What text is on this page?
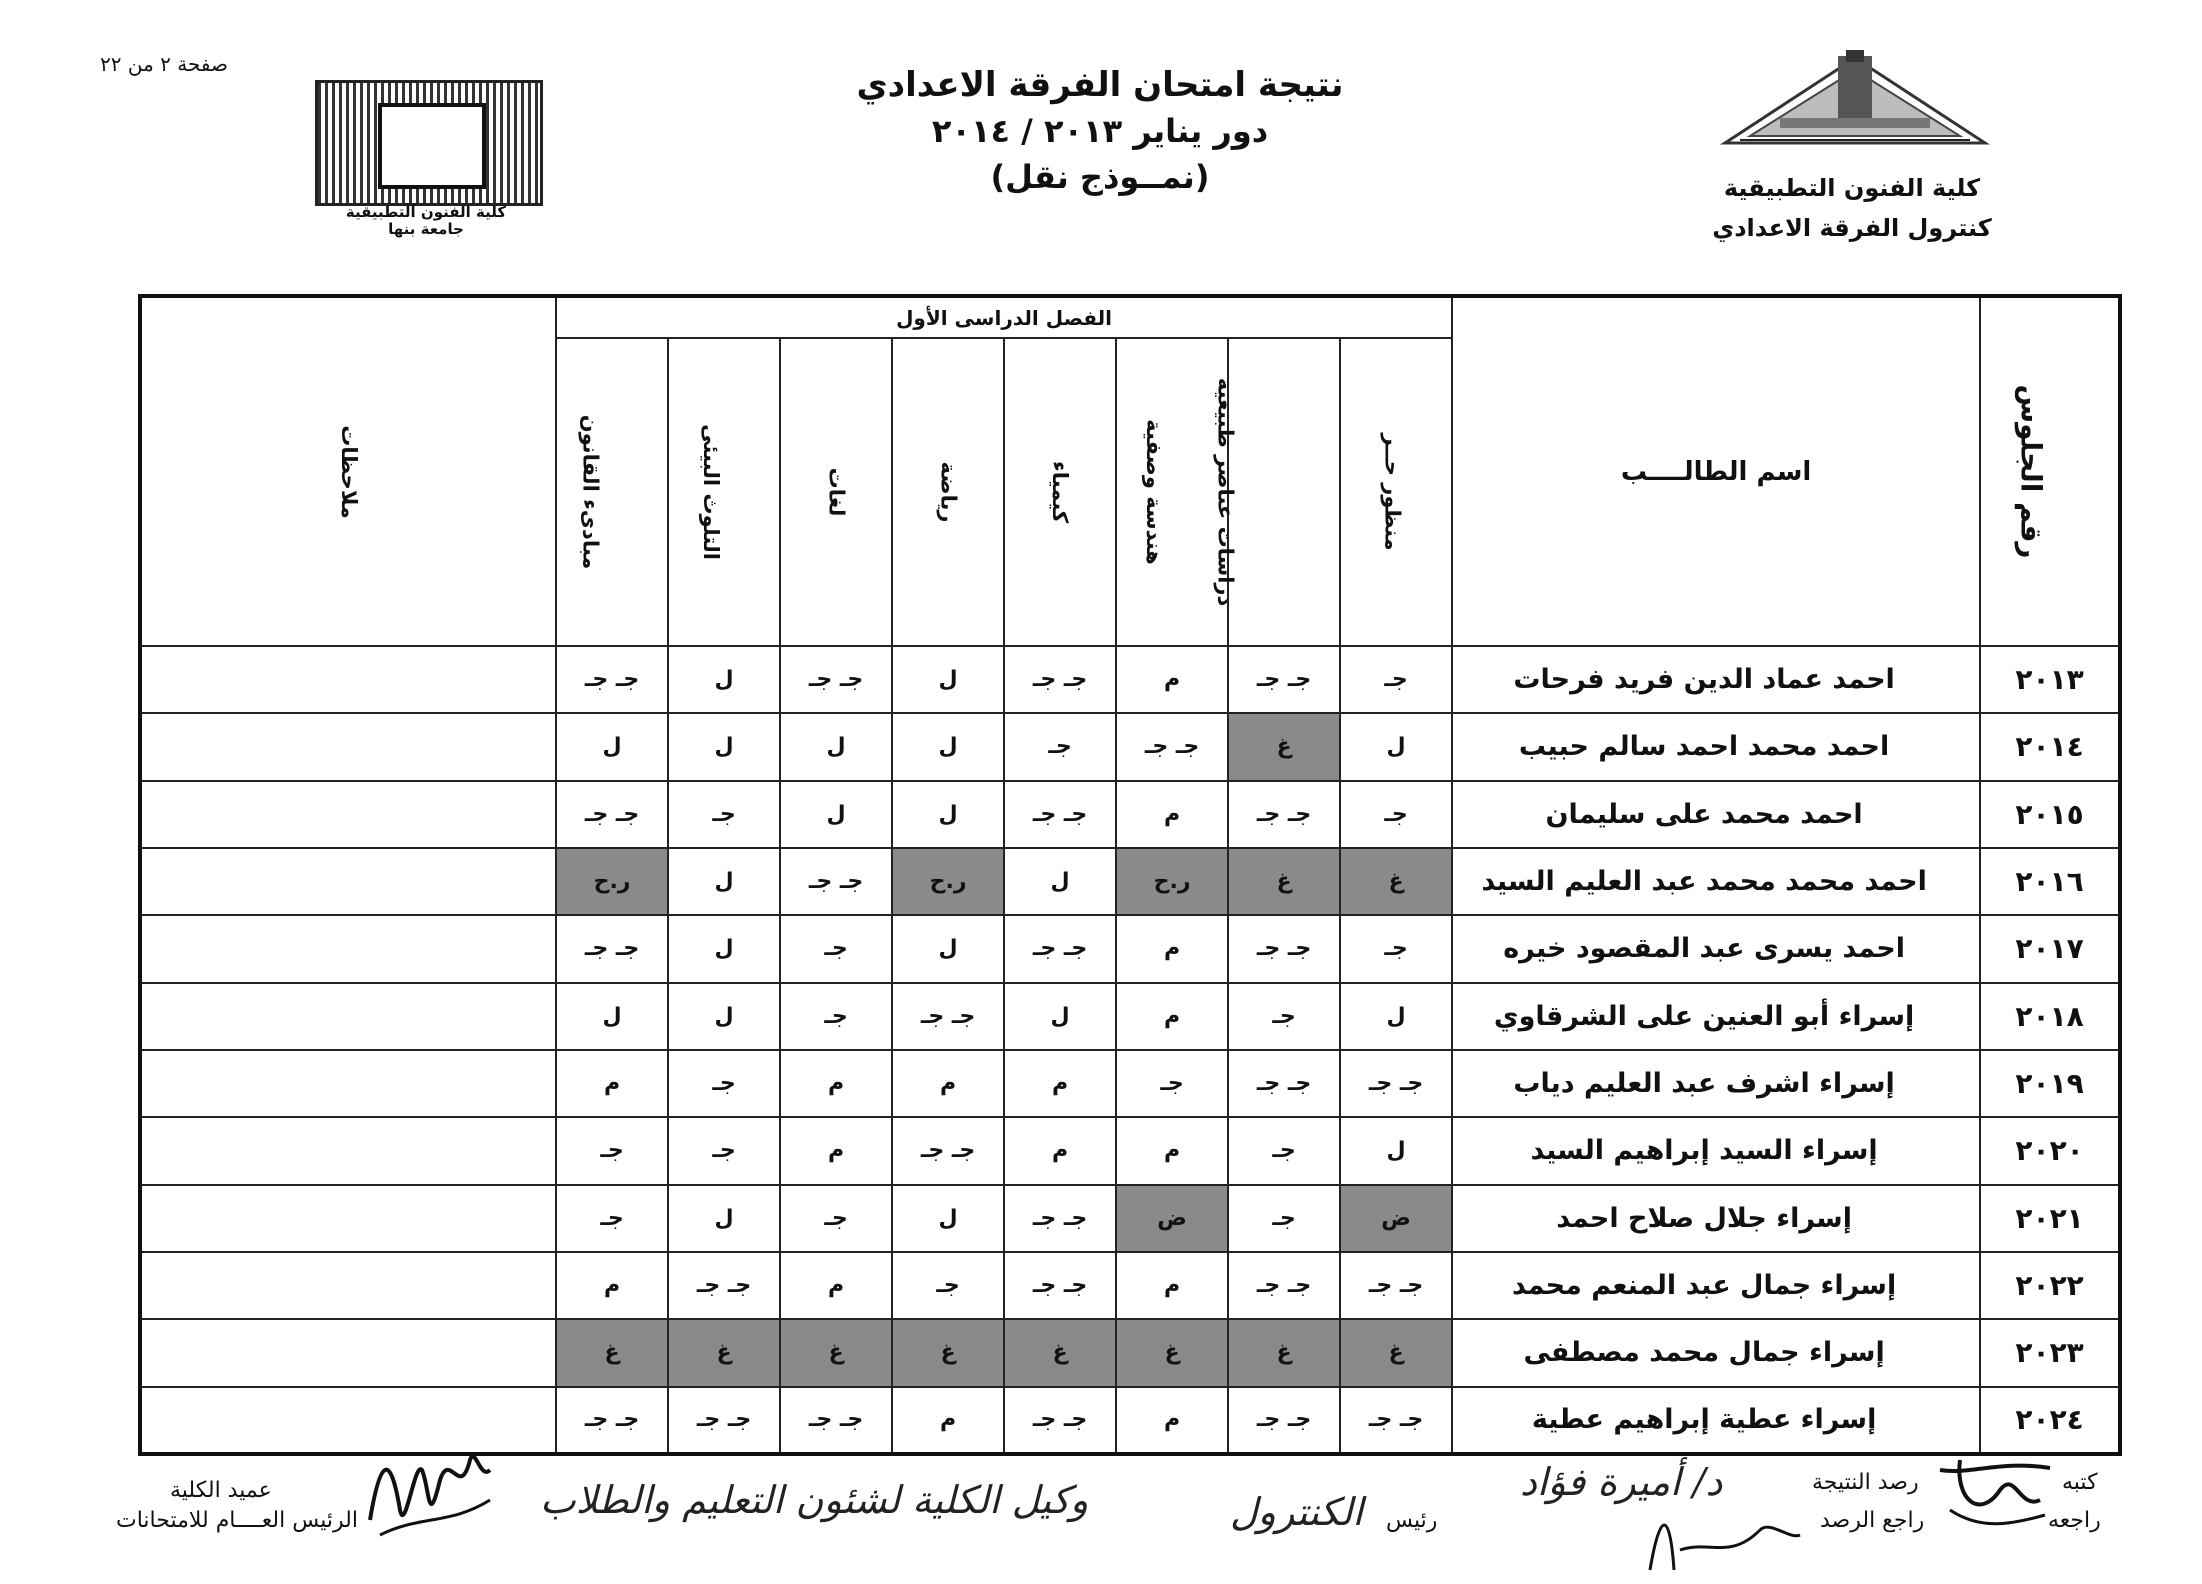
صفحة ٢ من ٢٢
نتيجة امتحان الفرقة الاعدادي
دور يناير ٢٠١٣ / ٢٠١٤
(نمــوذج نقل)	كلية الفنون التطبيقية
كنترول الفرقة الاعدادي
كلية الفنون التطبيقية
جامعة بنها
رقم الجلوس	اسم الطالــــب	الفصل الدراسى الأول								ملاحظات
		منظور حــر	دراسات عناصر طبيعية	هندسة وصفية	كيمياء	رياضة	لغات	التلوث البيئى	مبادىء القانون	
٢٠١٣	احمد عماد الدين فريد فرحات	جـ	جـ جـ	م	جـ جـ	ل	جـ جـ	ل	جـ جـ	
٢٠١٤	احمد محمد احمد سالم حبيب	ل	غ	جـ جـ	جـ	ل	ل	ل	ل	
٢٠١٥	احمد محمد على سليمان	جـ	جـ جـ	م	جـ جـ	ل	ل	جـ	جـ جـ	
٢٠١٦	احمد محمد محمد عبد العليم السيد	غ	غ	ر.ح	ل	ر.ح	جـ جـ	ل	ر.ح	
٢٠١٧	احمد يسرى عبد المقصود خيره	جـ	جـ جـ	م	جـ جـ	ل	جـ	ل	جـ جـ	
٢٠١٨	إسراء أبو العنين على الشرقاوي	ل	جـ	م	ل	جـ جـ	جـ	ل	ل	
٢٠١٩	إسراء اشرف عبد العليم دياب	جـ جـ	جـ جـ	جـ	م	م	م	جـ	م	
٢٠٢٠	إسراء السيد إبراهيم السيد	ل	جـ	م	م	جـ جـ	م	جـ	جـ	
٢٠٢١	إسراء جلال صلاح احمد	ض	جـ	ض	جـ جـ	ل	جـ	ل	جـ	
٢٠٢٢	إسراء جمال عبد المنعم محمد	جـ جـ	جـ جـ	م	جـ جـ	جـ	م	جـ جـ	م	
٢٠٢٣	إسراء جمال محمد مصطفى	غ	غ	غ	غ	غ	غ	غ	غ	
٢٠٢٤	إسراء عطية إبراهيم عطية	جـ جـ	جـ جـ	م	جـ جـ	م	جـ جـ	جـ جـ	جـ جـ	
كتبه
راجعه
رصد النتيجة
راجع الرصد
رئيس
عميد الكلية
الرئيس العــــام للامتحانات	وكيل الكلية لشئون التعليم والطلاب	الكنترول
د/ أميرة فؤاد
